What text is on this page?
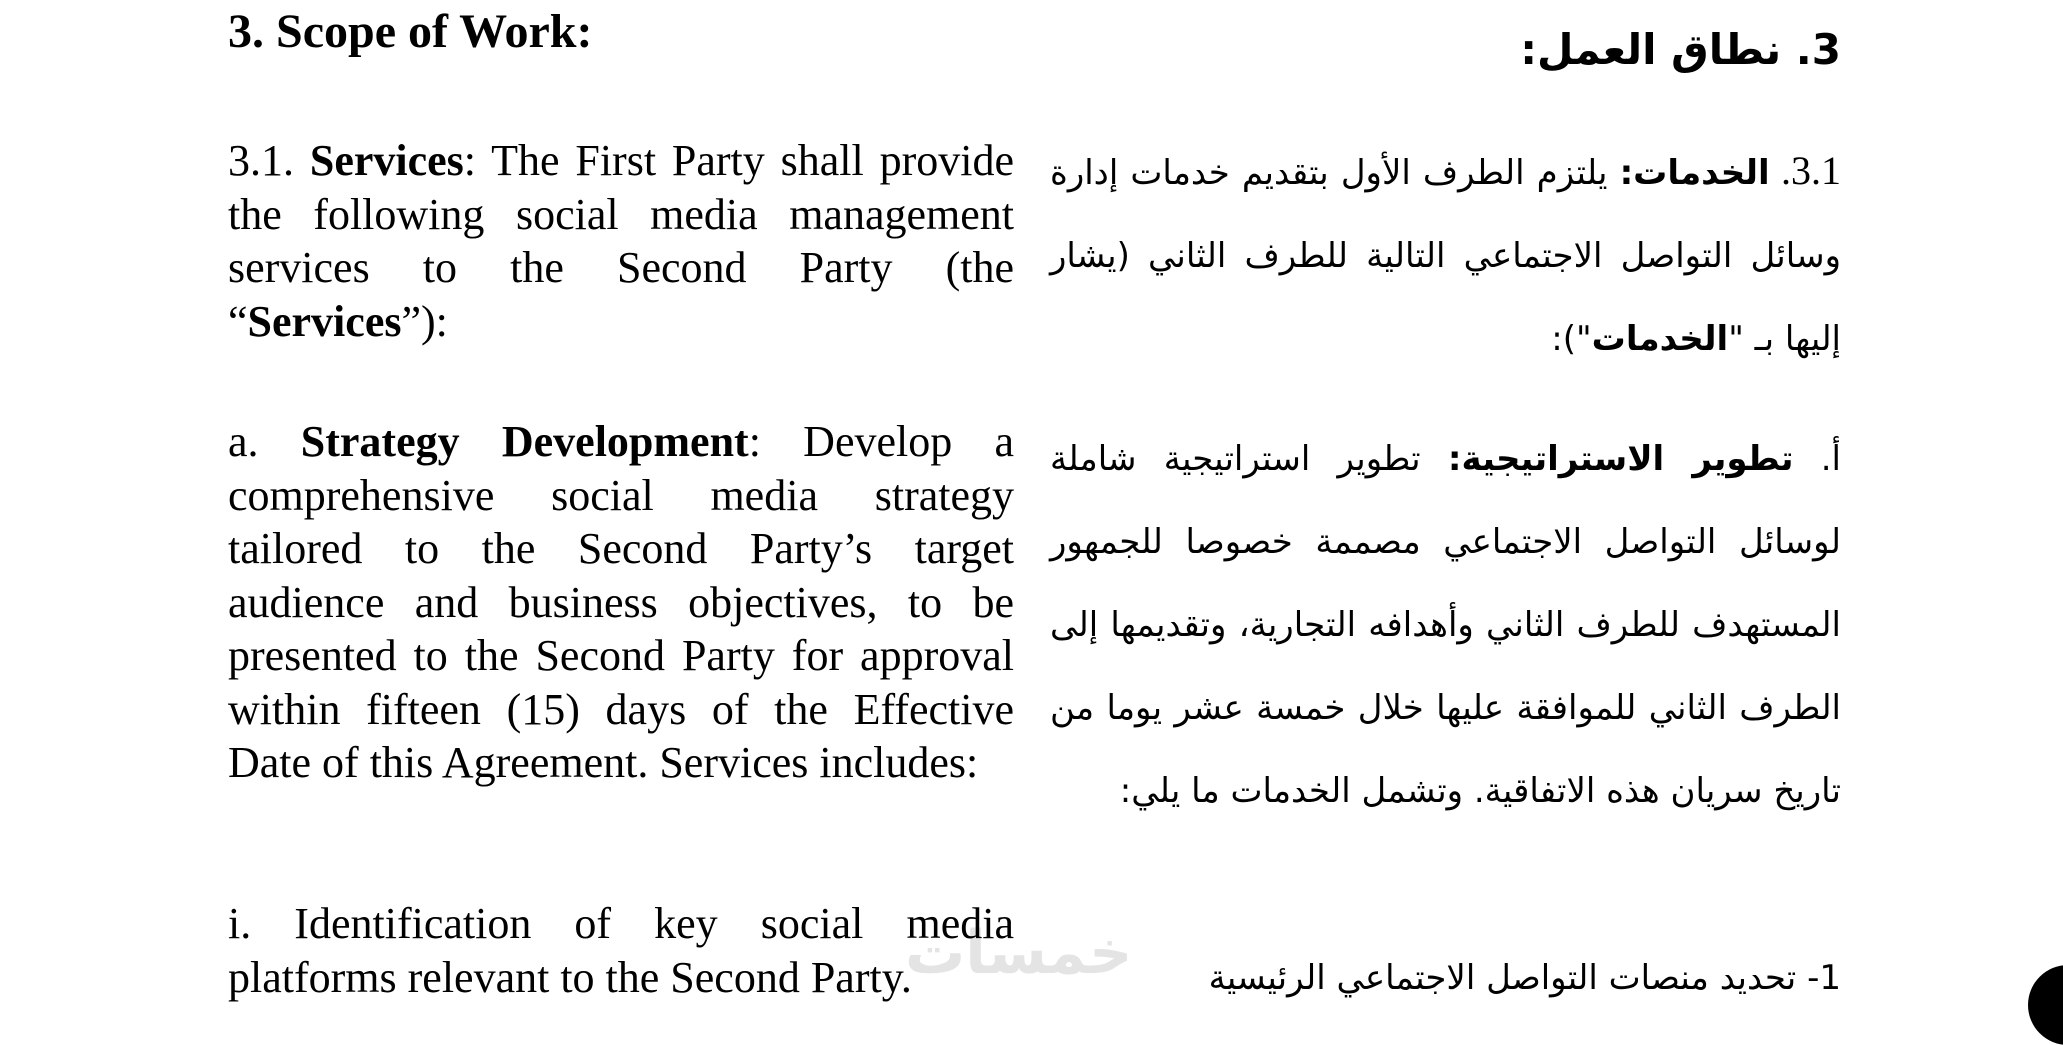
خمسات
3. Scope of Work:

3.1. Services: The First Party shall provide the following social media management services to the Second Party (the “Services”):

a. Strategy Development: Develop a comprehensive social media strategy tailored to the Second Party’s target audience and business objectives, to be presented to the Second Party for approval within fifteen (15) days of the Effective Date of this Agreement. Services includes:

i. Identification of key social media platforms relevant to the Second Party.

3. نطاق العمل:

3.1. الخدمات: يلتزم الطرف الأول بتقديم خدمات إدارة وسائل التواصل الاجتماعي التالية للطرف الثاني (يشار إليها بـ "الخدمات"):

أ. تطوير الاستراتيجية: تطوير استراتيجية شاملة لوسائل التواصل الاجتماعي مصممة خصوصا للجمهور المستهدف للطرف الثاني وأهدافه التجارية، وتقديمها إلى الطرف الثاني للموافقة عليها خلال خمسة عشر يوما من تاريخ سريان هذه الاتفاقية. وتشمل الخدمات ما يلي:

1- تحديد منصات التواصل الاجتماعي الرئيسية
